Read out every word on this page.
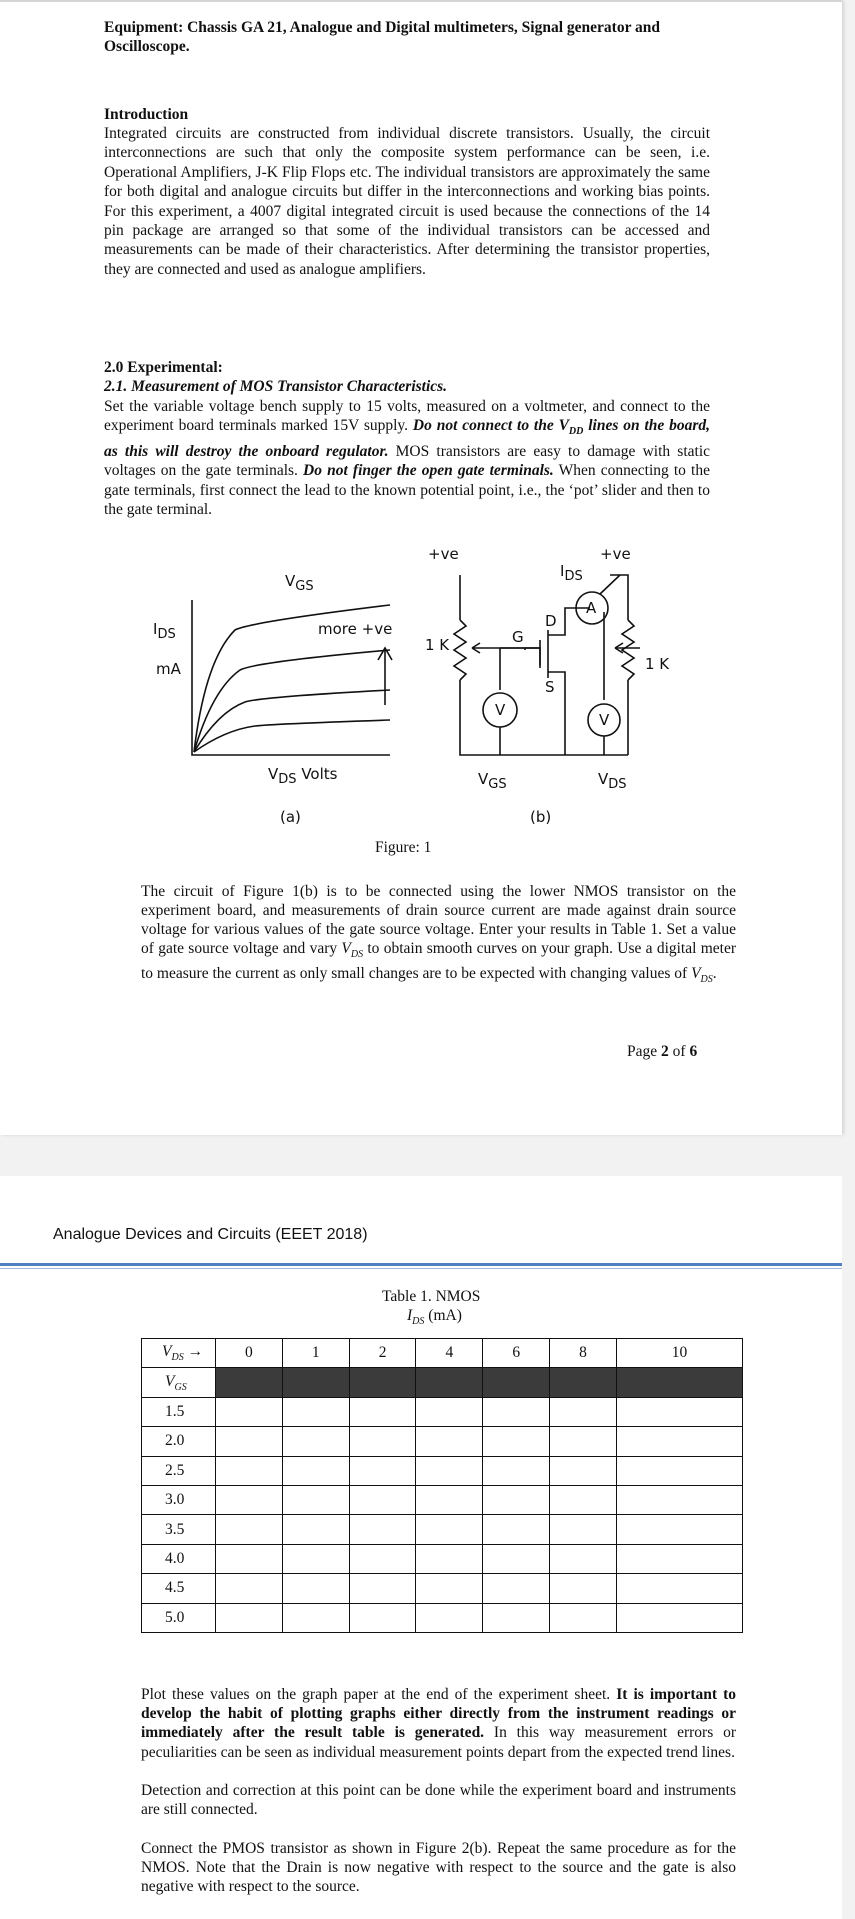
Equipment: Chassis GA 21, Analogue and Digital multimeters, Signal generator and Oscilloscope.
Introduction
Integrated circuits are constructed from individual discrete transistors. Usually, the circuit interconnections are such that only the composite system performance can be seen, i.e. Operational Amplifiers, J-K Flip Flops etc. The individual transistors are approximately the same for both digital and analogue circuits but differ in the interconnections and working bias points. For this experiment, a 4007 digital integrated circuit is used because the connections of the 14 pin package are arranged so that some of the individual transistors can be accessed and measurements can be made of their characteristics. After determining the transistor properties, they are connected and used as analogue amplifiers.
2.0 Experimental:
2.1. Measurement of MOS Transistor Characteristics.
Set the variable voltage bench supply to 15 volts, measured on a voltmeter, and connect to the experiment board terminals marked 15V supply. Do not connect to the $V_{DD}$ lines on the board, as this will destroy the onboard regulator. MOS transistors are easy to damage with static voltages on the gate terminals. Do not finger the open gate terminals. When connecting to the gate terminals, first connect the lead to the known potential point, i.e., the ‘pot’ slider and then to the gate terminal.
$I_{DS}$
mA
$V_{GS}$
more +ve
$V_{DS}$ Volts
(a)
+ve	+ve
1 K
1 K
G
D
S
A
V
V
$I_{DS}$
$V_{GS}$	$V_{DS}$
(b)
Figure: 1
The circuit of Figure 1(b) is to be connected using the lower NMOS transistor on the experiment board, and measurements of drain source current are made against drain source voltage for various values of the gate source voltage. Enter your results in Table 1. Set a value of gate source voltage and vary $V_{DS}$ to obtain smooth curves on your graph. Use a digital meter to measure the current as only small changes are to be expected with changing values of $V_{DS}$.
Page 2 of 6
Analogue Devices and Circuits (EEET 2018)
Table 1. NMOS
$I_{DS}$ (mA)
$V_{DS}$ →	0	1	2	4	6	8	10
$V_{GS}$							
1.5							
2.0							
2.5							
3.0							
3.5							
4.0							
4.5							
5.0							
Plot these values on the graph paper at the end of the experiment sheet. It is important to develop the habit of plotting graphs either directly from the instrument readings or immediately after the result table is generated. In this way measurement errors or peculiarities can be seen as individual measurement points depart from the expected trend lines.
Detection and correction at this point can be done while the experiment board and instruments are still connected.
Connect the PMOS transistor as shown in Figure 2(b). Repeat the same procedure as for the NMOS. Note that the Drain is now negative with respect to the source and the gate is also negative with respect to the source.
